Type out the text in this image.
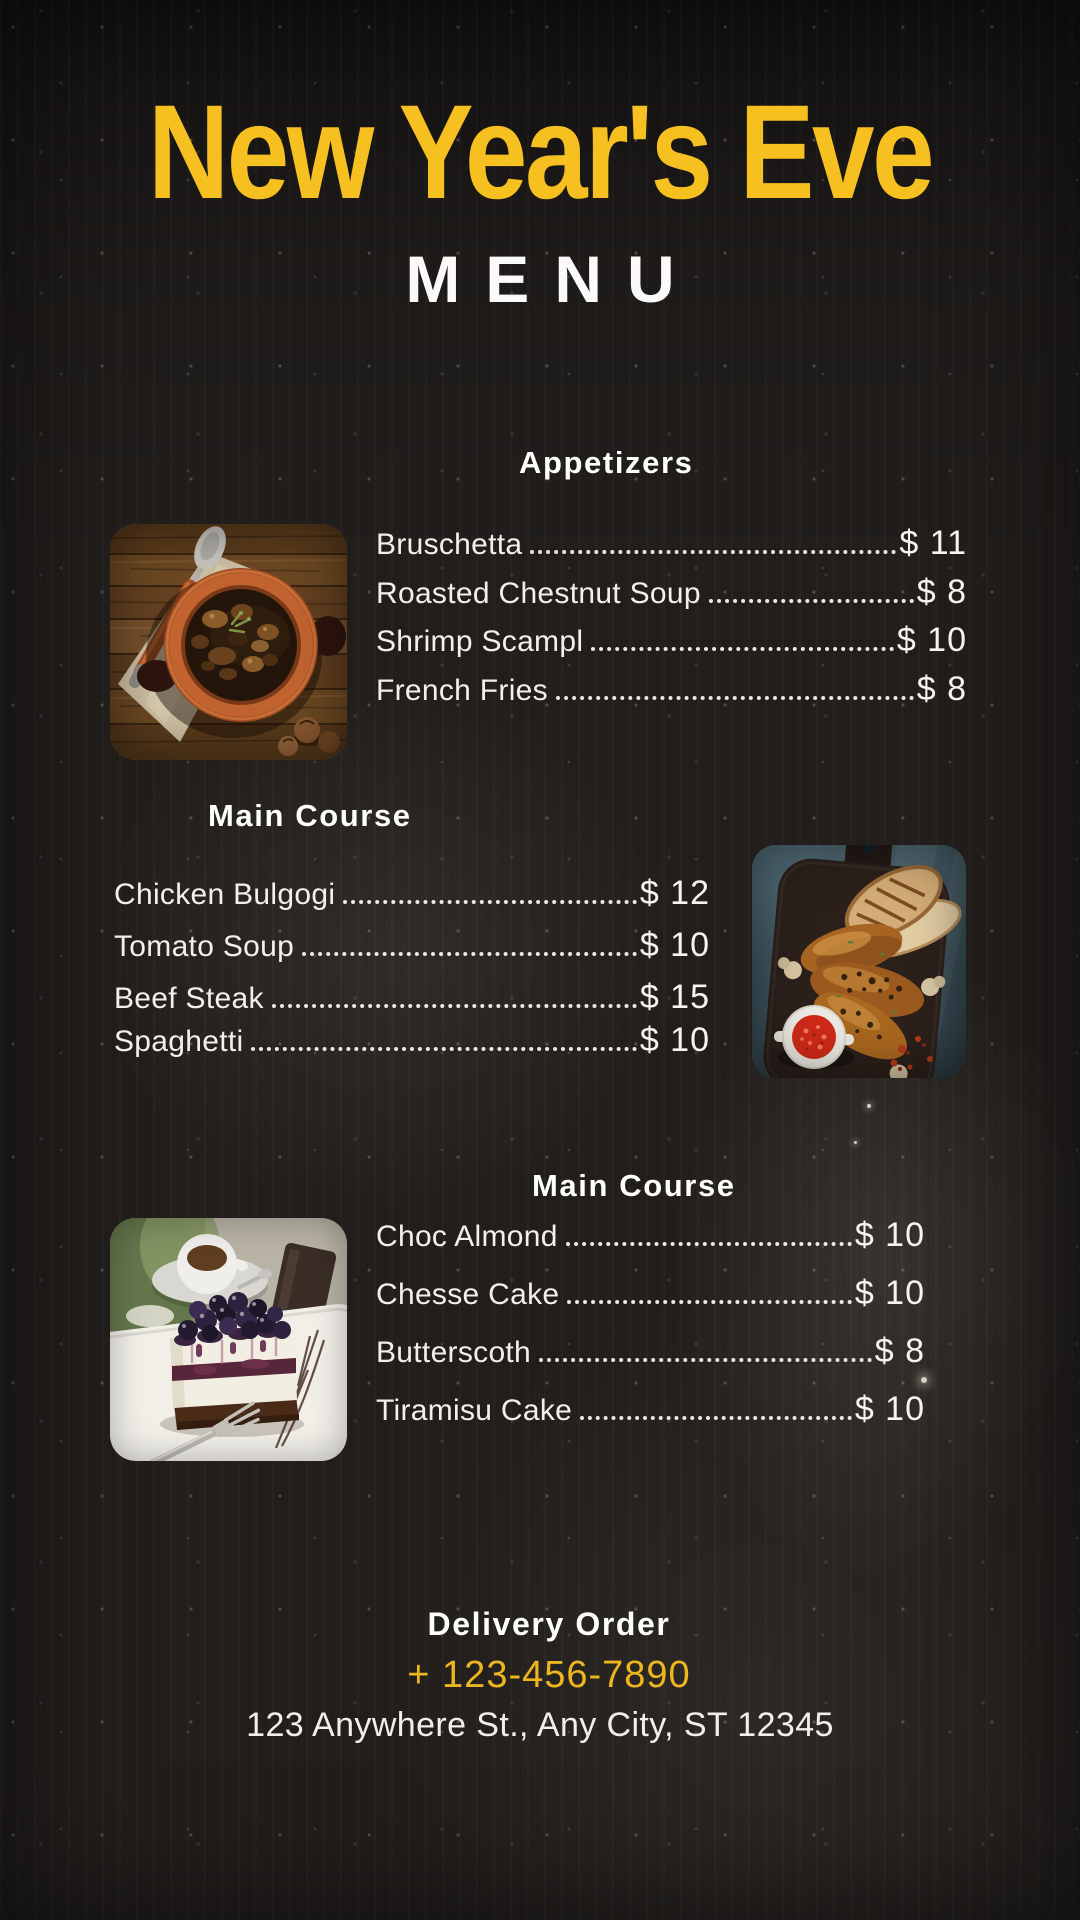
New Year's Eve
MENU
Appetizers
Bruschetta	$ 11
Roasted Chestnut Soup	$ 8
Shrimp Scampl	$ 10
French Fries	$ 8
Main Course
Chicken Bulgogi	$ 12
Tomato Soup	$ 10
Beef Steak	$ 15
Spaghetti	$ 10
Main Course
Choc Almond	$ 10
Chesse Cake	$ 10
Butterscoth	$ 8
Tiramisu Cake	$ 10
Delivery Order
+ 123-456-7890
123 Anywhere St., Any City, ST 12345
